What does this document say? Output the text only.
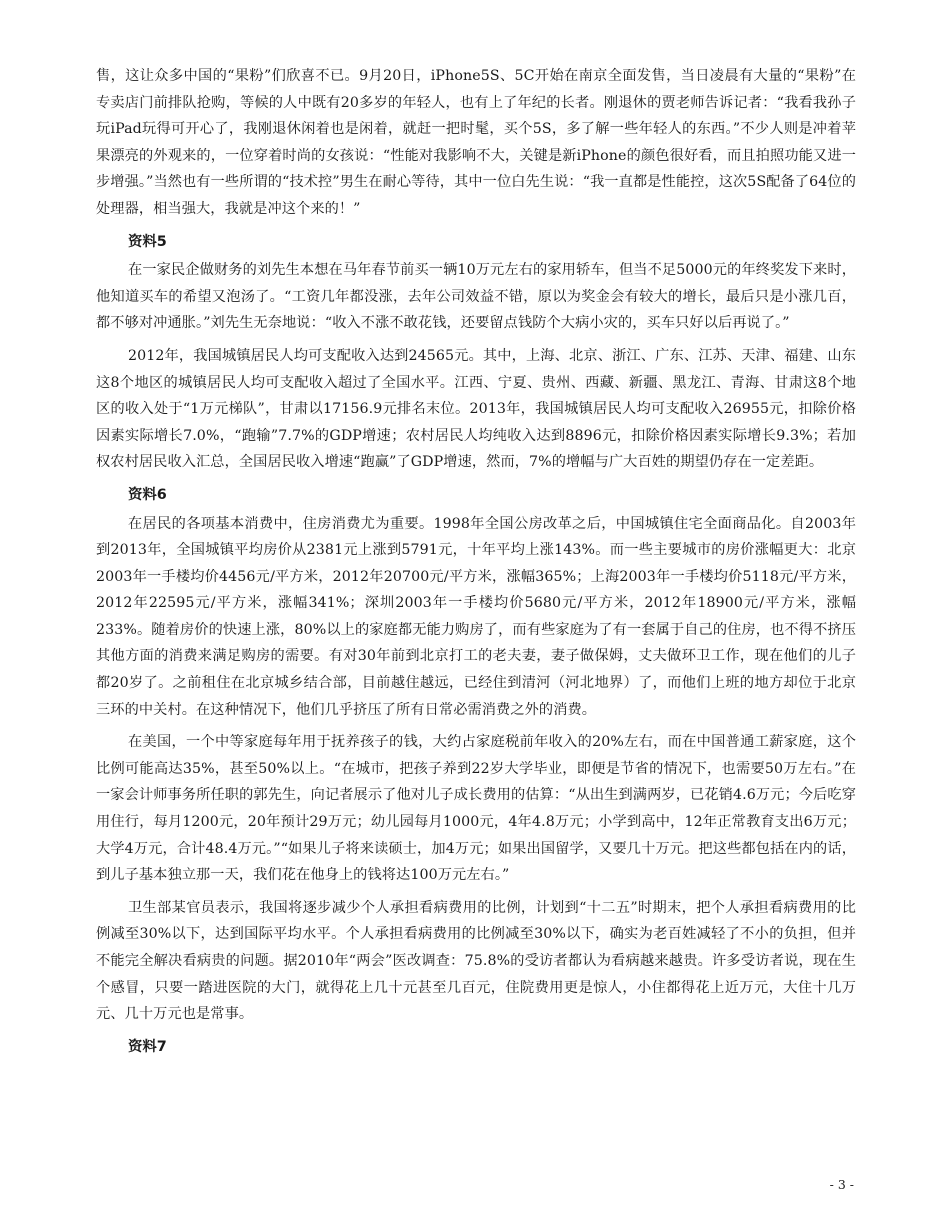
售，这让众多中国的“果粉”们欣喜不已。9月20日，iPhone5S、5C开始在南京全面发售，当日凌晨有大量的“果粉”在专卖店门前排队抢购，等候的人中既有20多岁的年轻人，也有上了年纪的长者。刚退休的贾老师告诉记者：“我看我孙子玩iPad玩得可开心了，我刚退休闲着也是闲着，就赶一把时髦，买个5S，多了解一些年轻人的东西。”不少人则是冲着苹果漂亮的外观来的，一位穿着时尚的女孩说：“性能对我影响不大，关键是新iPhone的颜色很好看，而且拍照功能又进一步增强。”当然也有一些所谓的“技术控”男生在耐心等待，其中一位白先生说：“我一直都是性能控，这次5S配备了64位的处理器，相当强大，我就是冲这个来的！”

资料5

在一家民企做财务的刘先生本想在马年春节前买一辆10万元左右的家用轿车，但当不足5000元的年终奖发下来时，他知道买车的希望又泡汤了。“工资几年都没涨，去年公司效益不错，原以为奖金会有较大的增长，最后只是小涨几百，都不够对冲通胀。”刘先生无奈地说：“收入不涨不敢花钱，还要留点钱防个大病小灾的，买车只好以后再说了。”

2012年，我国城镇居民人均可支配收入达到24565元。其中，上海、北京、浙江、广东、江苏、天津、福建、山东这8个地区的城镇居民人均可支配收入超过了全国水平。江西、宁夏、贵州、西藏、新疆、黑龙江、青海、甘肃这8个地区的收入处于“1万元梯队”，甘肃以17156.9元排名末位。2013年，我国城镇居民人均可支配收入26955元，扣除价格因素实际增长7.0%，“跑输”7.7%的GDP增速；农村居民人均纯收入达到8896元，扣除价格因素实际增长9.3%；若加权农村居民收入汇总，全国居民收入增速“跑赢”了GDP增速，然而，7%的增幅与广大百姓的期望仍存在一定差距。

资料6

在居民的各项基本消费中，住房消费尤为重要。1998年全国公房改革之后，中国城镇住宅全面商品化。自2003年到2013年，全国城镇平均房价从2381元上涨到5791元，十年平均上涨143%。而一些主要城市的房价涨幅更大：北京2003年一手楼均价4456元/平方米，2012年20700元/平方米，涨幅365%；上海2003年一手楼均价5118元/平方米，2012年22595元/平方米，涨幅341%；深圳2003年一手楼均价5680元/平方米，2012年18900元/平方米，涨幅233%。随着房价的快速上涨，80%以上的家庭都无能力购房了，而有些家庭为了有一套属于自己的住房，也不得不挤压其他方面的消费来满足购房的需要。有对30年前到北京打工的老夫妻，妻子做保姆，丈夫做环卫工作，现在他们的儿子都20岁了。之前租住在北京城乡结合部，目前越住越远，已经住到清河（河北地界）了，而他们上班的地方却位于北京三环的中关村。在这种情况下，他们几乎挤压了所有日常必需消费之外的消费。

在美国，一个中等家庭每年用于抚养孩子的钱，大约占家庭税前年收入的20%左右，而在中国普通工薪家庭，这个比例可能高达35%，甚至50%以上。“在城市，把孩子养到22岁大学毕业，即便是节省的情况下，也需要50万左右。”在一家会计师事务所任职的郭先生，向记者展示了他对儿子成长费用的估算：“从出生到满两岁，已花销4.6万元；今后吃穿用住行，每月1200元，20年预计29万元；幼儿园每月1000元，4年4.8万元；小学到高中，12年正常教育支出6万元；大学4万元，合计48.4万元。”“如果儿子将来读硕士，加4万元；如果出国留学，又要几十万元。把这些都包括在内的话，到儿子基本独立那一天，我们花在他身上的钱将达100万元左右。”

卫生部某官员表示，我国将逐步减少个人承担看病费用的比例，计划到“十二五”时期末，把个人承担看病费用的比例减至30%以下，达到国际平均水平。个人承担看病费用的比例减至30%以下，确实为老百姓减轻了不小的负担，但并不能完全解决看病贵的问题。据2010年“两会”医改调查：75.8%的受访者都认为看病越来越贵。许多受访者说，现在生个感冒，只要一踏进医院的大门，就得花上几十元甚至几百元，住院费用更是惊人，小住都得花上近万元，大住十几万元、几十万元也是常事。

资料7
- 3 -
